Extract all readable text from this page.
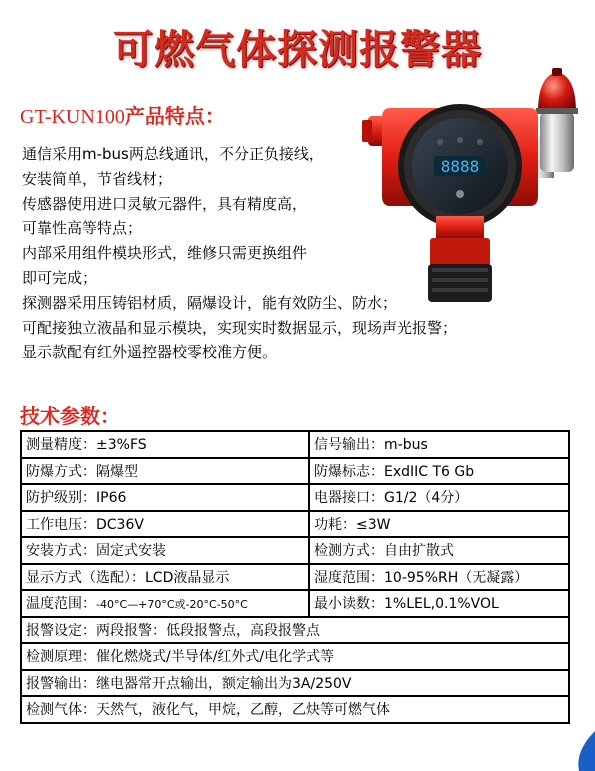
可燃气体探测报警器
GT-KUN100产品特点：
8888
通信采用m-bus两总线通讯，不分正负接线，
安装简单，节省线材；
传感器使用进口灵敏元器件，具有精度高，
可靠性高等特点；
内部采用组件模块形式，维修只需更换组件
即可完成；
探测器采用压铸铝材质，隔爆设计，能有效防尘、防水；
可配接独立液晶和显示模块，实现实时数据显示，现场声光报警；
显示款配有红外遥控器校零校准方便。
技术参数：
测量精度：±3%FS	信号输出：m-bus
防爆方式：隔爆型	防爆标志：ExdIIC T6 Gb
防护级别：IP66	电器接口：G1/2（4分）
工作电压：DC36V	功耗：≤3W
安装方式：固定式安装	检测方式：自由扩散式
显示方式（选配）：LCD液晶显示	湿度范围：10-95%RH（无凝露）
温度范围：-40°C—+70°C或-20°C-50°C	最小读数：1%LEL,0.1%VOL
报警设定：两段报警：低段报警点，高段报警点	
检测原理：催化燃烧式/半导体/红外式/电化学式等	
报警输出：继电器常开点输出，额定输出为3A/250V	
检测气体：天然气，液化气，甲烷，乙醇，乙炔等可燃气体	
